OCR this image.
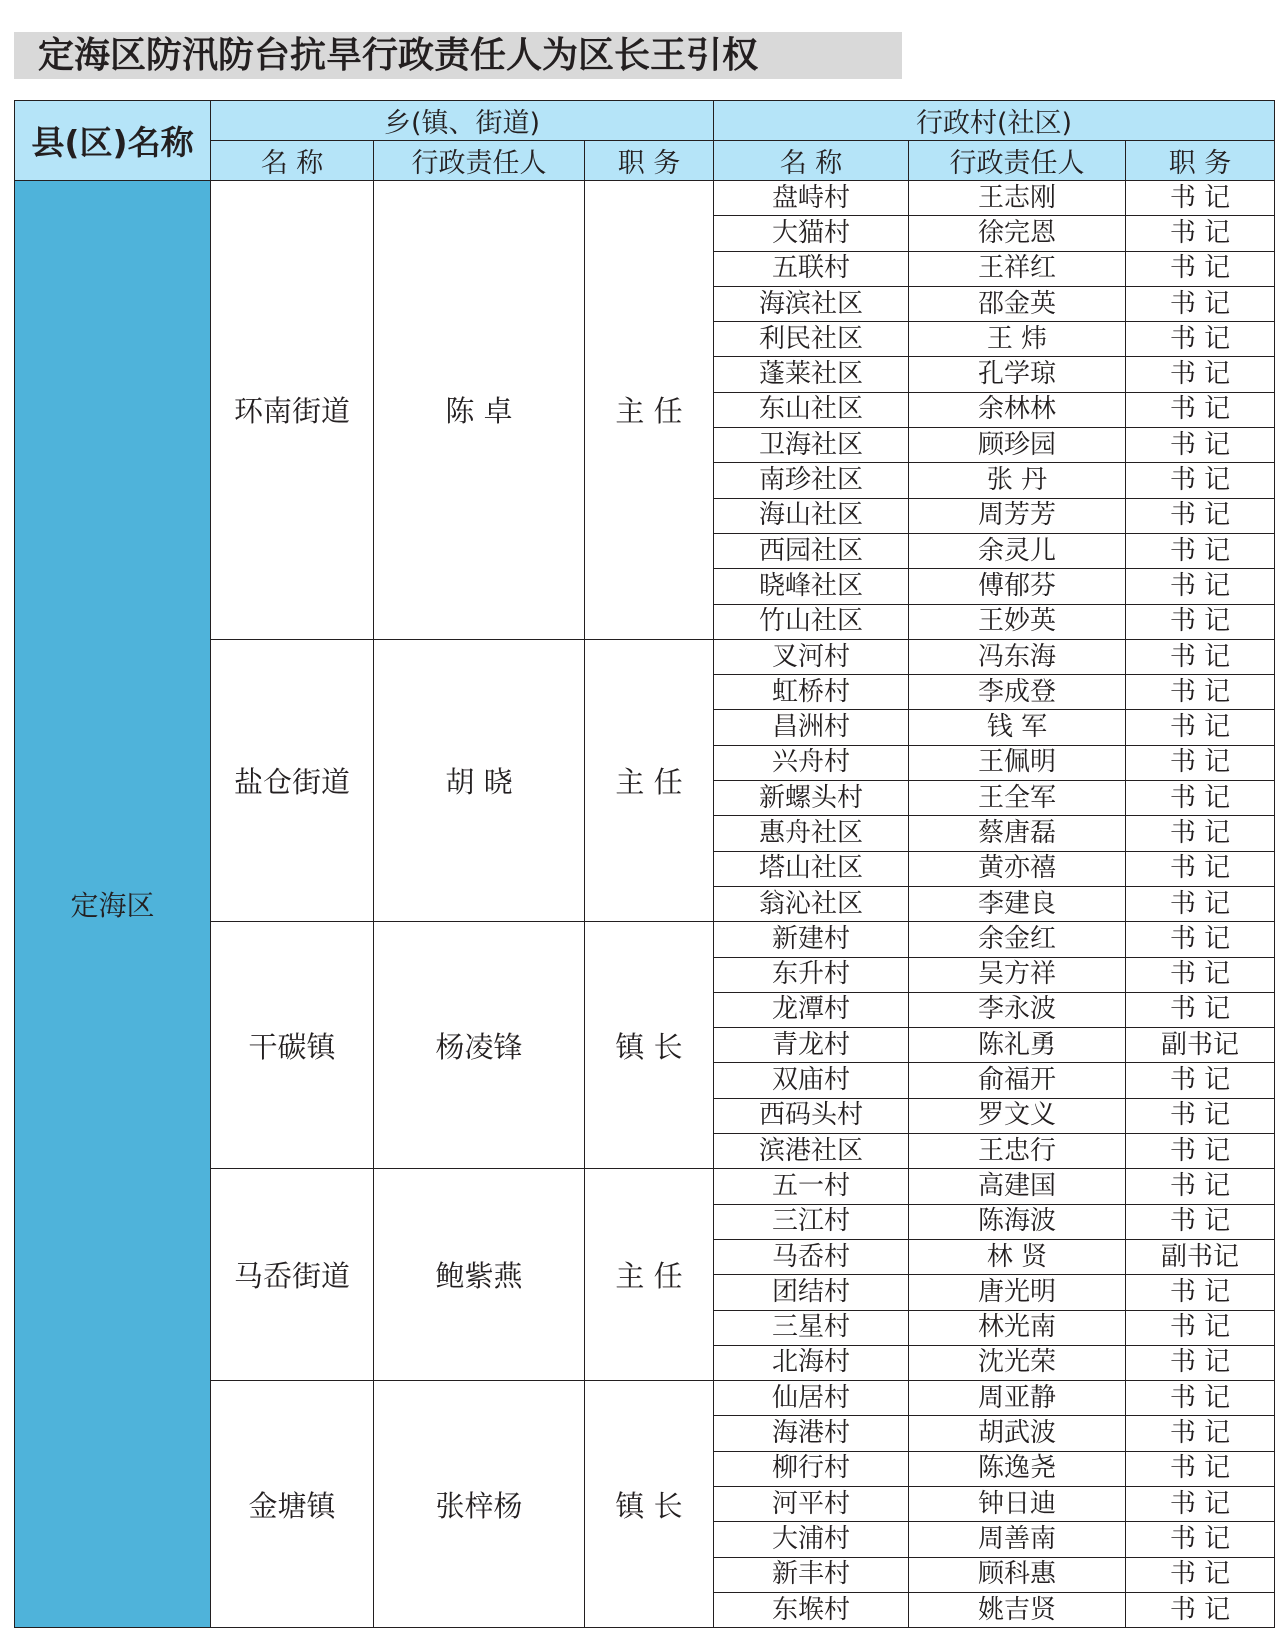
定海区防汛防台抗旱行政责任人为区长王引权
县(区)名称	乡(镇、街道)			行政村(社区)		
	名 称	行政责任人	职 务	名 称	行政责任人	职 务
定海区	环南街道	陈 卓	主 任	盘峙村	王志刚	书 记
				大猫村	徐完恩	书 记
				五联村	王祥红	书 记
				海滨社区	邵金英	书 记
				利民社区	王 炜	书 记
				蓬莱社区	孔学琼	书 记
				东山社区	余林林	书 记
				卫海社区	顾珍园	书 记
				南珍社区	张 丹	书 记
				海山社区	周芳芳	书 记
				西园社区	余灵儿	书 记
				晓峰社区	傅郁芬	书 记
				竹山社区	王妙英	书 记
	盐仓街道	胡 晓	主 任	叉河村	冯东海	书 记
				虹桥村	李成登	书 记
				昌洲村	钱 军	书 记
				兴舟村	王佩明	书 记
				新螺头村	王全军	书 记
				惠舟社区	蔡唐磊	书 记
				塔山社区	黄亦禧	书 记
				翁沁社区	李建良	书 记
	干碳镇	杨凌锋	镇 长	新建村	余金红	书 记
				东升村	吴方祥	书 记
				龙潭村	李永波	书 记
				青龙村	陈礼勇	副书记
				双庙村	俞福开	书 记
				西码头村	罗文义	书 记
				滨港社区	王忠行	书 记
	马岙街道	鲍紫燕	主 任	五一村	高建国	书 记
				三江村	陈海波	书 记
				马岙村	林 贤	副书记
				团结村	唐光明	书 记
				三星村	林光南	书 记
				北海村	沈光荣	书 记
	金塘镇	张梓杨	镇 长	仙居村	周亚静	书 记
				海港村	胡武波	书 记
				柳行村	陈逸尧	书 记
				河平村	钟日迪	书 记
				大浦村	周善南	书 记
				新丰村	顾科惠	书 记
				东堠村	姚吉贤	书 记
